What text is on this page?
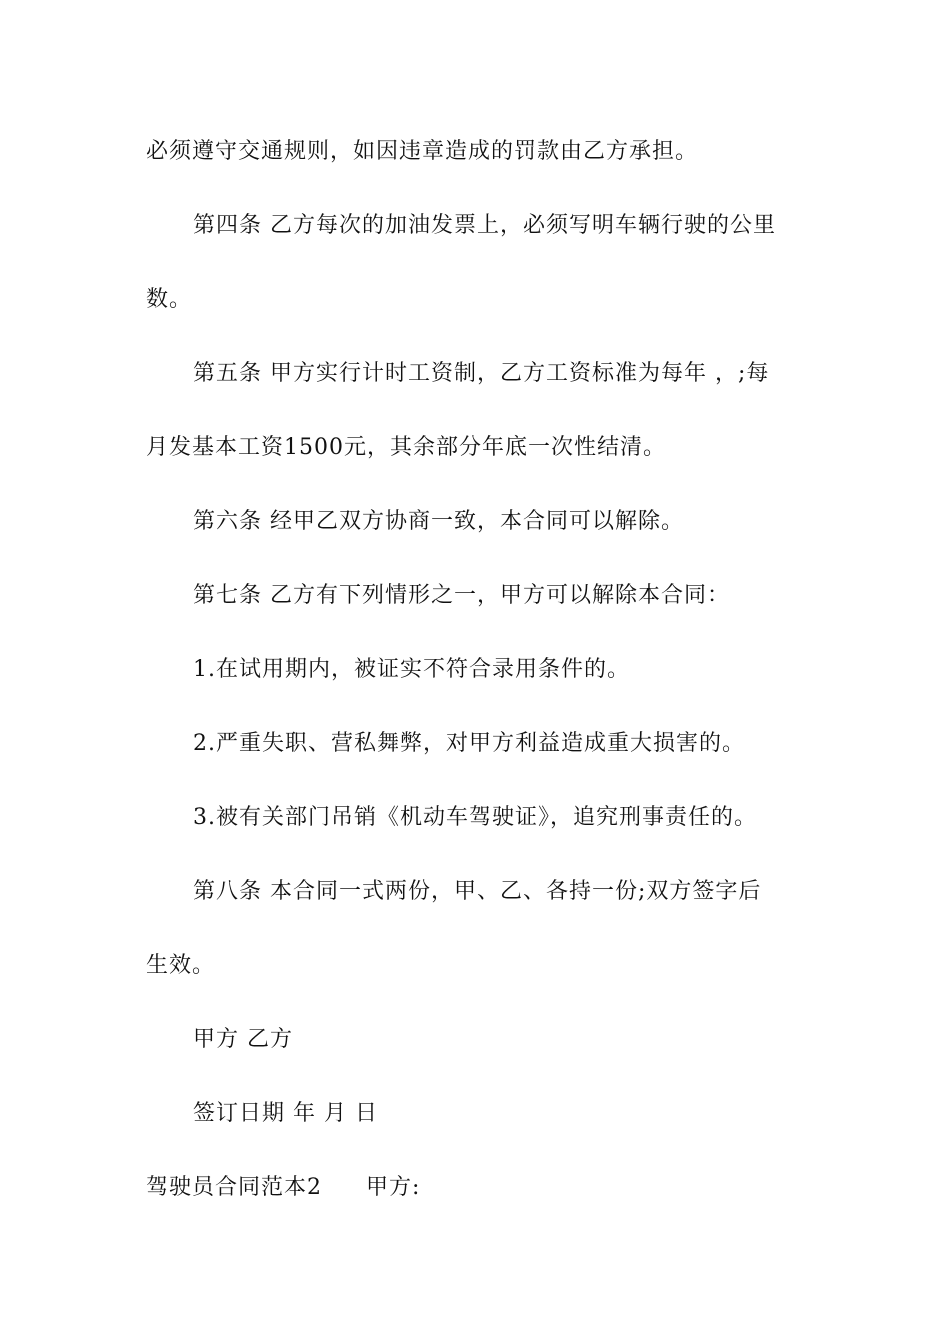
必须遵守交通规则，如因违章造成的罚款由乙方承担。
第四条 乙方每次的加油发票上，必须写明车辆行驶的公里
数。
第五条 甲方实行计时工资制，乙方工资标准为每年 ，;每
月发基本工资1500元，其余部分年底一次性结清。
第六条 经甲乙双方协商一致，本合同可以解除。
第七条 乙方有下列情形之一，甲方可以解除本合同：
1.在试用期内，被证实不符合录用条件的。
2.严重失职、营私舞弊，对甲方利益造成重大损害的。
3.被有关部门吊销《机动车驾驶证》，追究刑事责任的。
第八条 本合同一式两份，甲、乙、各持一份;双方签字后
生效。
甲方 乙方
签订日期 年 月 日
驾驶员合同范本2 甲方:
